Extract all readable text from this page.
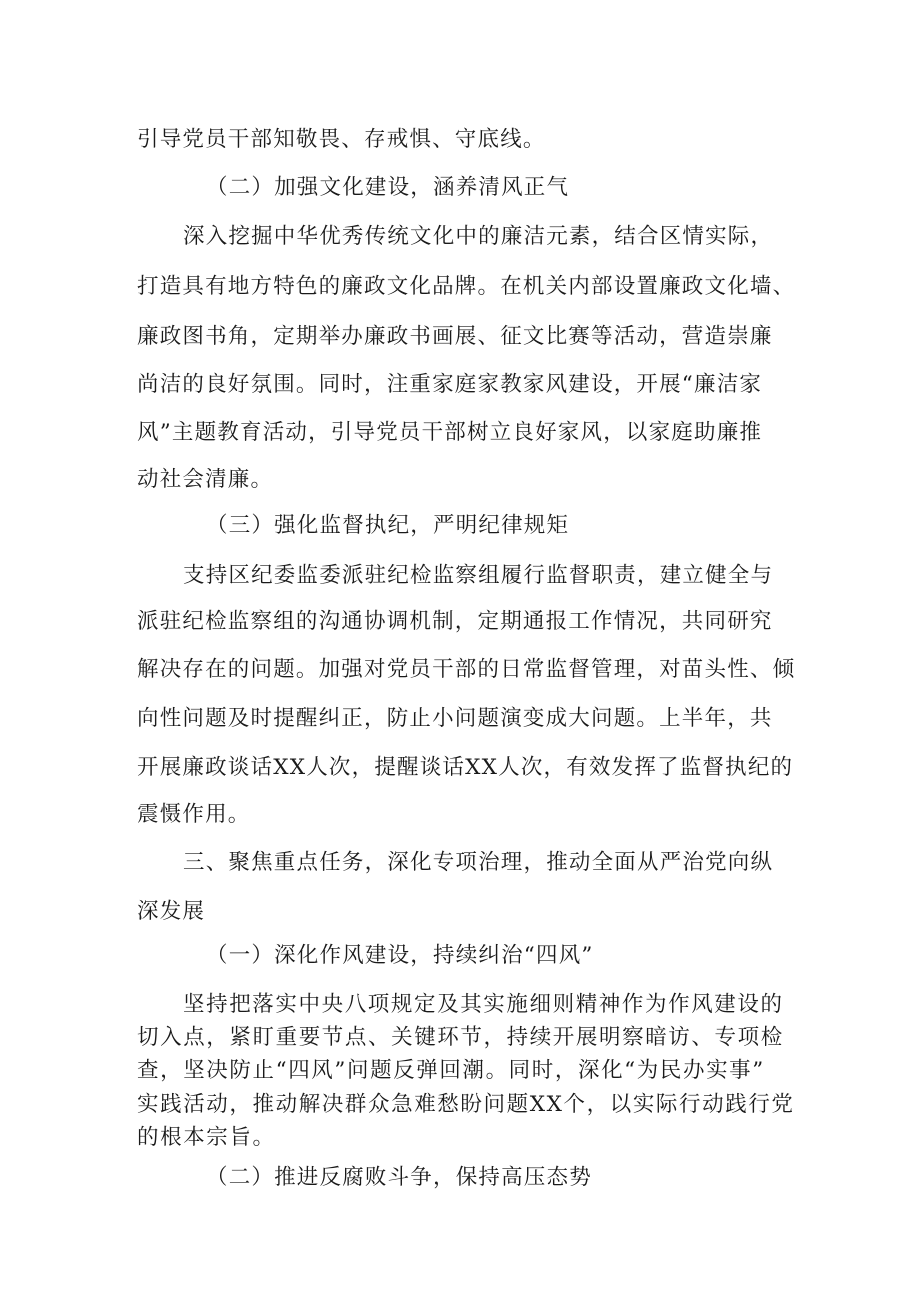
引导党员干部知敬畏、存戒惧、守底线。
（二）加强文化建设，涵养清风正气
深入挖掘中华优秀传统文化中的廉洁元素，结合区情实际，
打造具有地方特色的廉政文化品牌。在机关内部设置廉政文化墙、
廉政图书角，定期举办廉政书画展、征文比赛等活动，营造崇廉
尚洁的良好氛围。同时，注重家庭家教家风建设，开展“廉洁家
风”主题教育活动，引导党员干部树立良好家风，以家庭助廉推
动社会清廉。
（三）强化监督执纪，严明纪律规矩
支持区纪委监委派驻纪检监察组履行监督职责，建立健全与
派驻纪检监察组的沟通协调机制，定期通报工作情况，共同研究
解决存在的问题。加强对党员干部的日常监督管理，对苗头性、倾
向性问题及时提醒纠正，防止小问题演变成大问题。上半年，共
开展廉政谈话XX人次，提醒谈话XX人次，有效发挥了监督执纪的
震慑作用。
三、聚焦重点任务，深化专项治理，推动全面从严治党向纵
深发展
（一）深化作风建设，持续纠治“四风”
坚持把落实中央八项规定及其实施细则精神作为作风建设的
切入点，紧盯重要节点、关键环节，持续开展明察暗访、专项检
查，坚决防止“四风”问题反弹回潮。同时，深化“为民办实事”
实践活动，推动解决群众急难愁盼问题XX个，以实际行动践行党
的根本宗旨。
（二）推进反腐败斗争，保持高压态势
